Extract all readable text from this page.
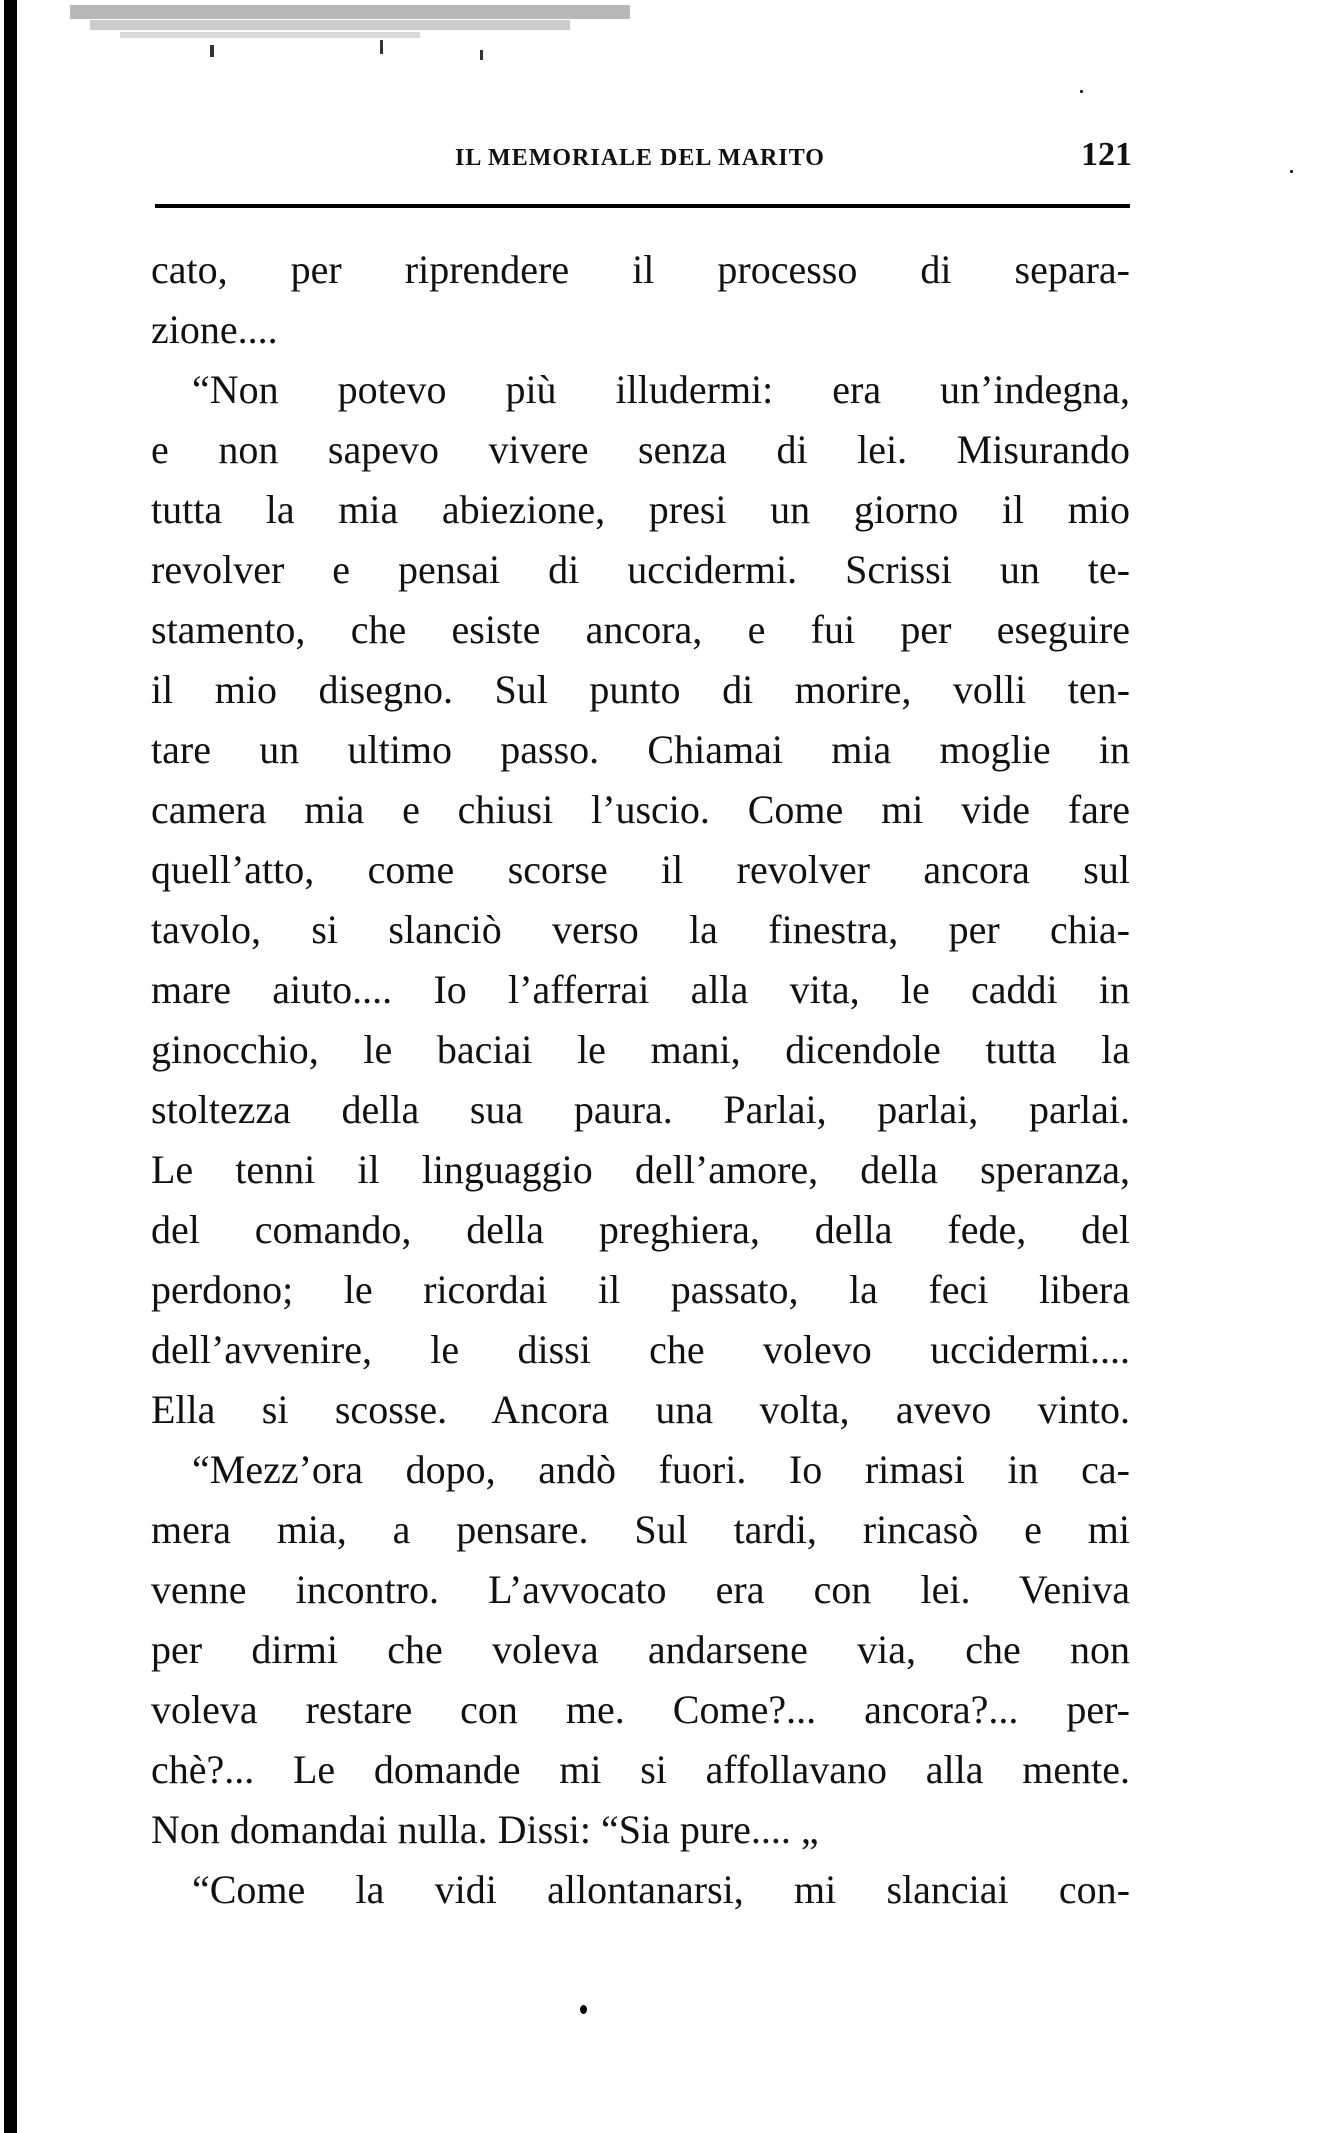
IL MEMORIALE DEL MARITO	121
cato, per riprendere il processo di separa-
zione....
“Non potevo più illudermi: era un’indegna,
e non sapevo vivere senza di lei. Misurando
tutta la mia abiezione, presi un giorno il mio
revolver e pensai di uccidermi. Scrissi un te-
stamento, che esiste ancora, e fui per eseguire
il mio disegno. Sul punto di morire, volli ten-
tare un ultimo passo. Chiamai mia moglie in
camera mia e chiusi l’uscio. Come mi vide fare
quell’atto, come scorse il revolver ancora sul
tavolo, si slanciò verso la finestra, per chia-
mare aiuto.... Io l’afferrai alla vita, le caddi in
ginocchio, le baciai le mani, dicendole tutta la
stoltezza della sua paura. Parlai, parlai, parlai.
Le tenni il linguaggio dell’amore, della speranza,
del comando, della preghiera, della fede, del
perdono; le ricordai il passato, la feci libera
dell’avvenire, le dissi che volevo uccidermi....
Ella si scosse. Ancora una volta, avevo vinto.
“Mezz’ora dopo, andò fuori. Io rimasi in ca-
mera mia, a pensare. Sul tardi, rincasò e mi
venne incontro. L’avvocato era con lei. Veniva
per dirmi che voleva andarsene via, che non
voleva restare con me. Come?... ancora?... per-
chè?... Le domande mi si affollavano alla mente.
Non domandai nulla. Dissi: “Sia pure.... „
“Come la vidi allontanarsi, mi slanciai con-
